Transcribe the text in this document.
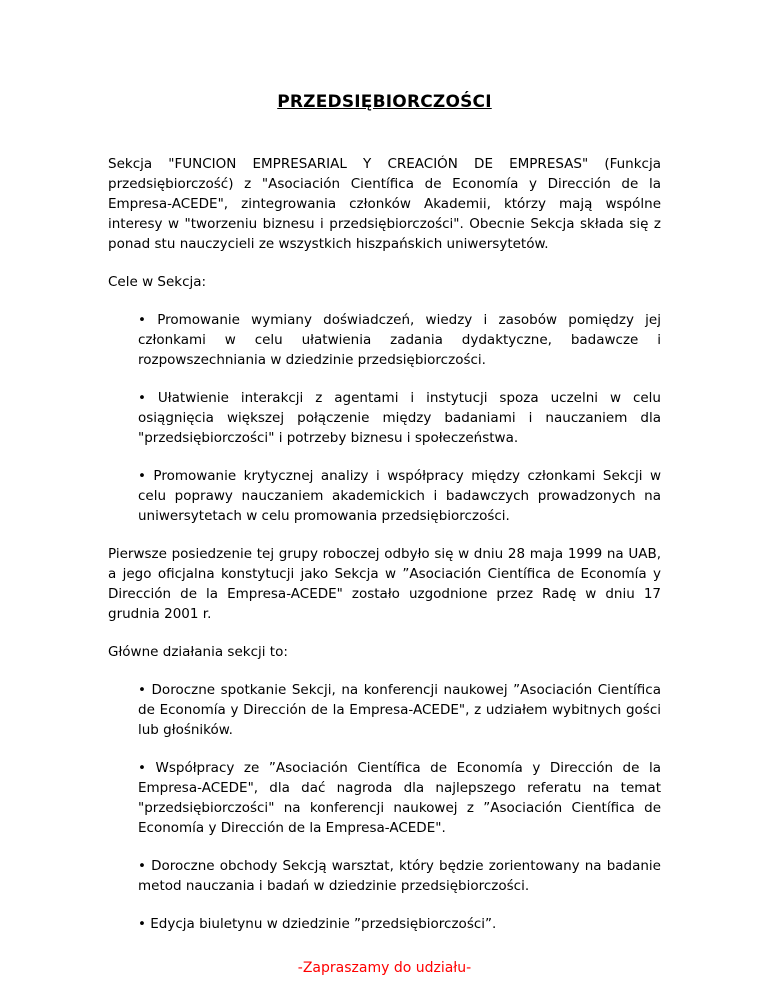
PRZEDSIĘBIORCZOŚCI

Sekcja "FUNCION EMPRESARIAL Y CREACIÓN DE EMPRESAS" (Funkcja przedsiębiorczość) z "Asociación Científica de Economía y Dirección de la Empresa-ACEDE", zintegrowania członków Akademii, którzy mają wspólne interesy w "tworzeniu biznesu i przedsiębiorczości". Obecnie Sekcja składa się z ponad stu nauczycieli ze wszystkich hiszpańskich uniwersytetów.

Cele w Sekcja:

• Promowanie wymiany doświadczeń, wiedzy i zasobów pomiędzy jej członkami w celu ułatwienia zadania dydaktyczne, badawcze i rozpowszechniania w dziedzinie przedsiębiorczości.

• Ułatwienie interakcji z agentami i instytucji spoza uczelni w celu osiągnięcia większej połączenie między badaniami i nauczaniem dla "przedsiębiorczości" i potrzeby biznesu i społeczeństwa.

• Promowanie krytycznej analizy i współpracy między członkami Sekcji w celu poprawy nauczaniem akademickich i badawczych prowadzonych na uniwersytetach w celu promowania przedsiębiorczości.

Pierwsze posiedzenie tej grupy roboczej odbyło się w dniu 28 maja 1999 na UAB, a jego oficjalna konstytucji jako Sekcja w ”Asociación Científica de Economía y Dirección de la Empresa-ACEDE" zostało uzgodnione przez Radę w dniu 17 grudnia 2001 r.

Główne działania sekcji to:

• Doroczne spotkanie Sekcji, na konferencji naukowej ”Asociación Científica de Economía y Dirección de la Empresa-ACEDE", z udziałem wybitnych gości lub głośników.

• Współpracy ze ”Asociación Científica de Economía y Dirección de la Empresa-ACEDE", dla dać nagroda dla najlepszego referatu na temat "przedsiębiorczości" na konferencji naukowej z ”Asociación Científica de Economía y Dirección de la Empresa-ACEDE".

• Doroczne obchody Sekcją warsztat, który będzie zorientowany na badanie metod nauczania i badań w dziedzinie przedsiębiorczości.

• Edycja biuletynu w dziedzinie ”przedsiębiorczości”.

-Zapraszamy do udziału-
